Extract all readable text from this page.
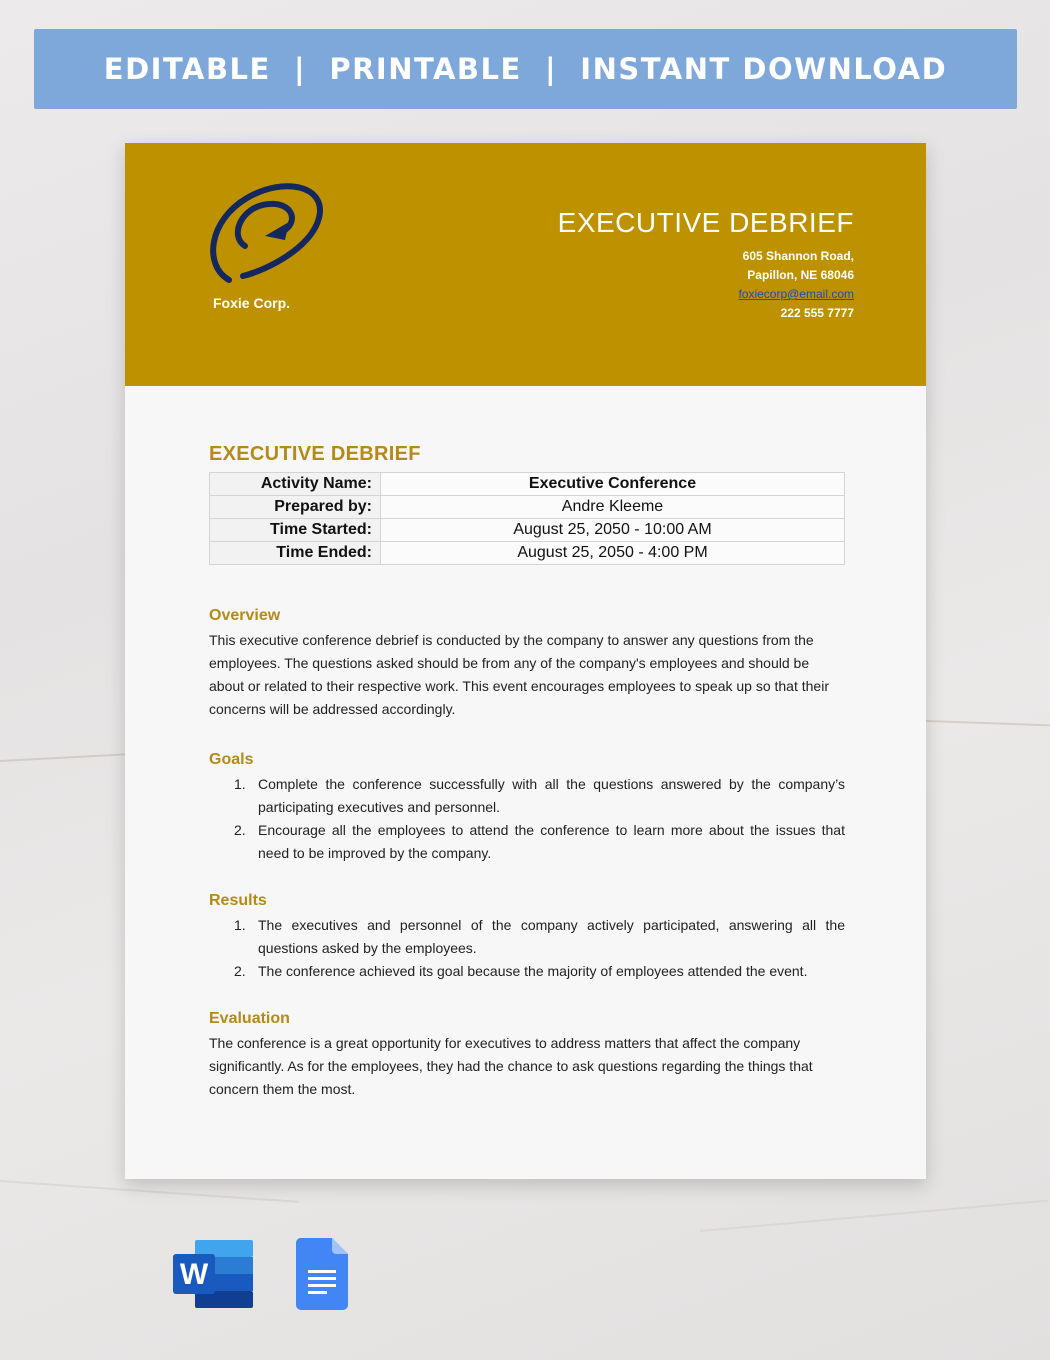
EDITABLE  |  PRINTABLE  |  INSTANT DOWNLOAD
Foxie Corp.
EXECUTIVE DEBRIEF
605 Shannon Road,
Papillon, NE 68046
foxiecorp@email.com
222 555 7777
EXECUTIVE DEBRIEF
Activity Name:	Executive Conference
Prepared by:	Andre Kleeme
Time Started:	August 25, 2050 - 10:00 AM
Time Ended:	August 25, 2050 - 4:00 PM
Overview
This executive conference debrief is conducted by the company to answer any questions from the employees. The questions asked should be from any of the company's employees and should be about or related to their respective work. This event encourages employees to speak up so that their concerns will be addressed accordingly.
Goals
1. Complete the conference successfully with all the questions answered by the company’s participating executives and personnel.
2. Encourage all the employees to attend the conference to learn more about the issues that need to be improved by the company.
Results
1. The executives and personnel of the company actively participated, answering all the questions asked by the employees.
2. The conference achieved its goal because the majority of employees attended the event.
Evaluation
The conference is a great opportunity for executives to address matters that affect the company significantly. As for the employees, they had the chance to ask questions regarding the things that concern them the most.
W
